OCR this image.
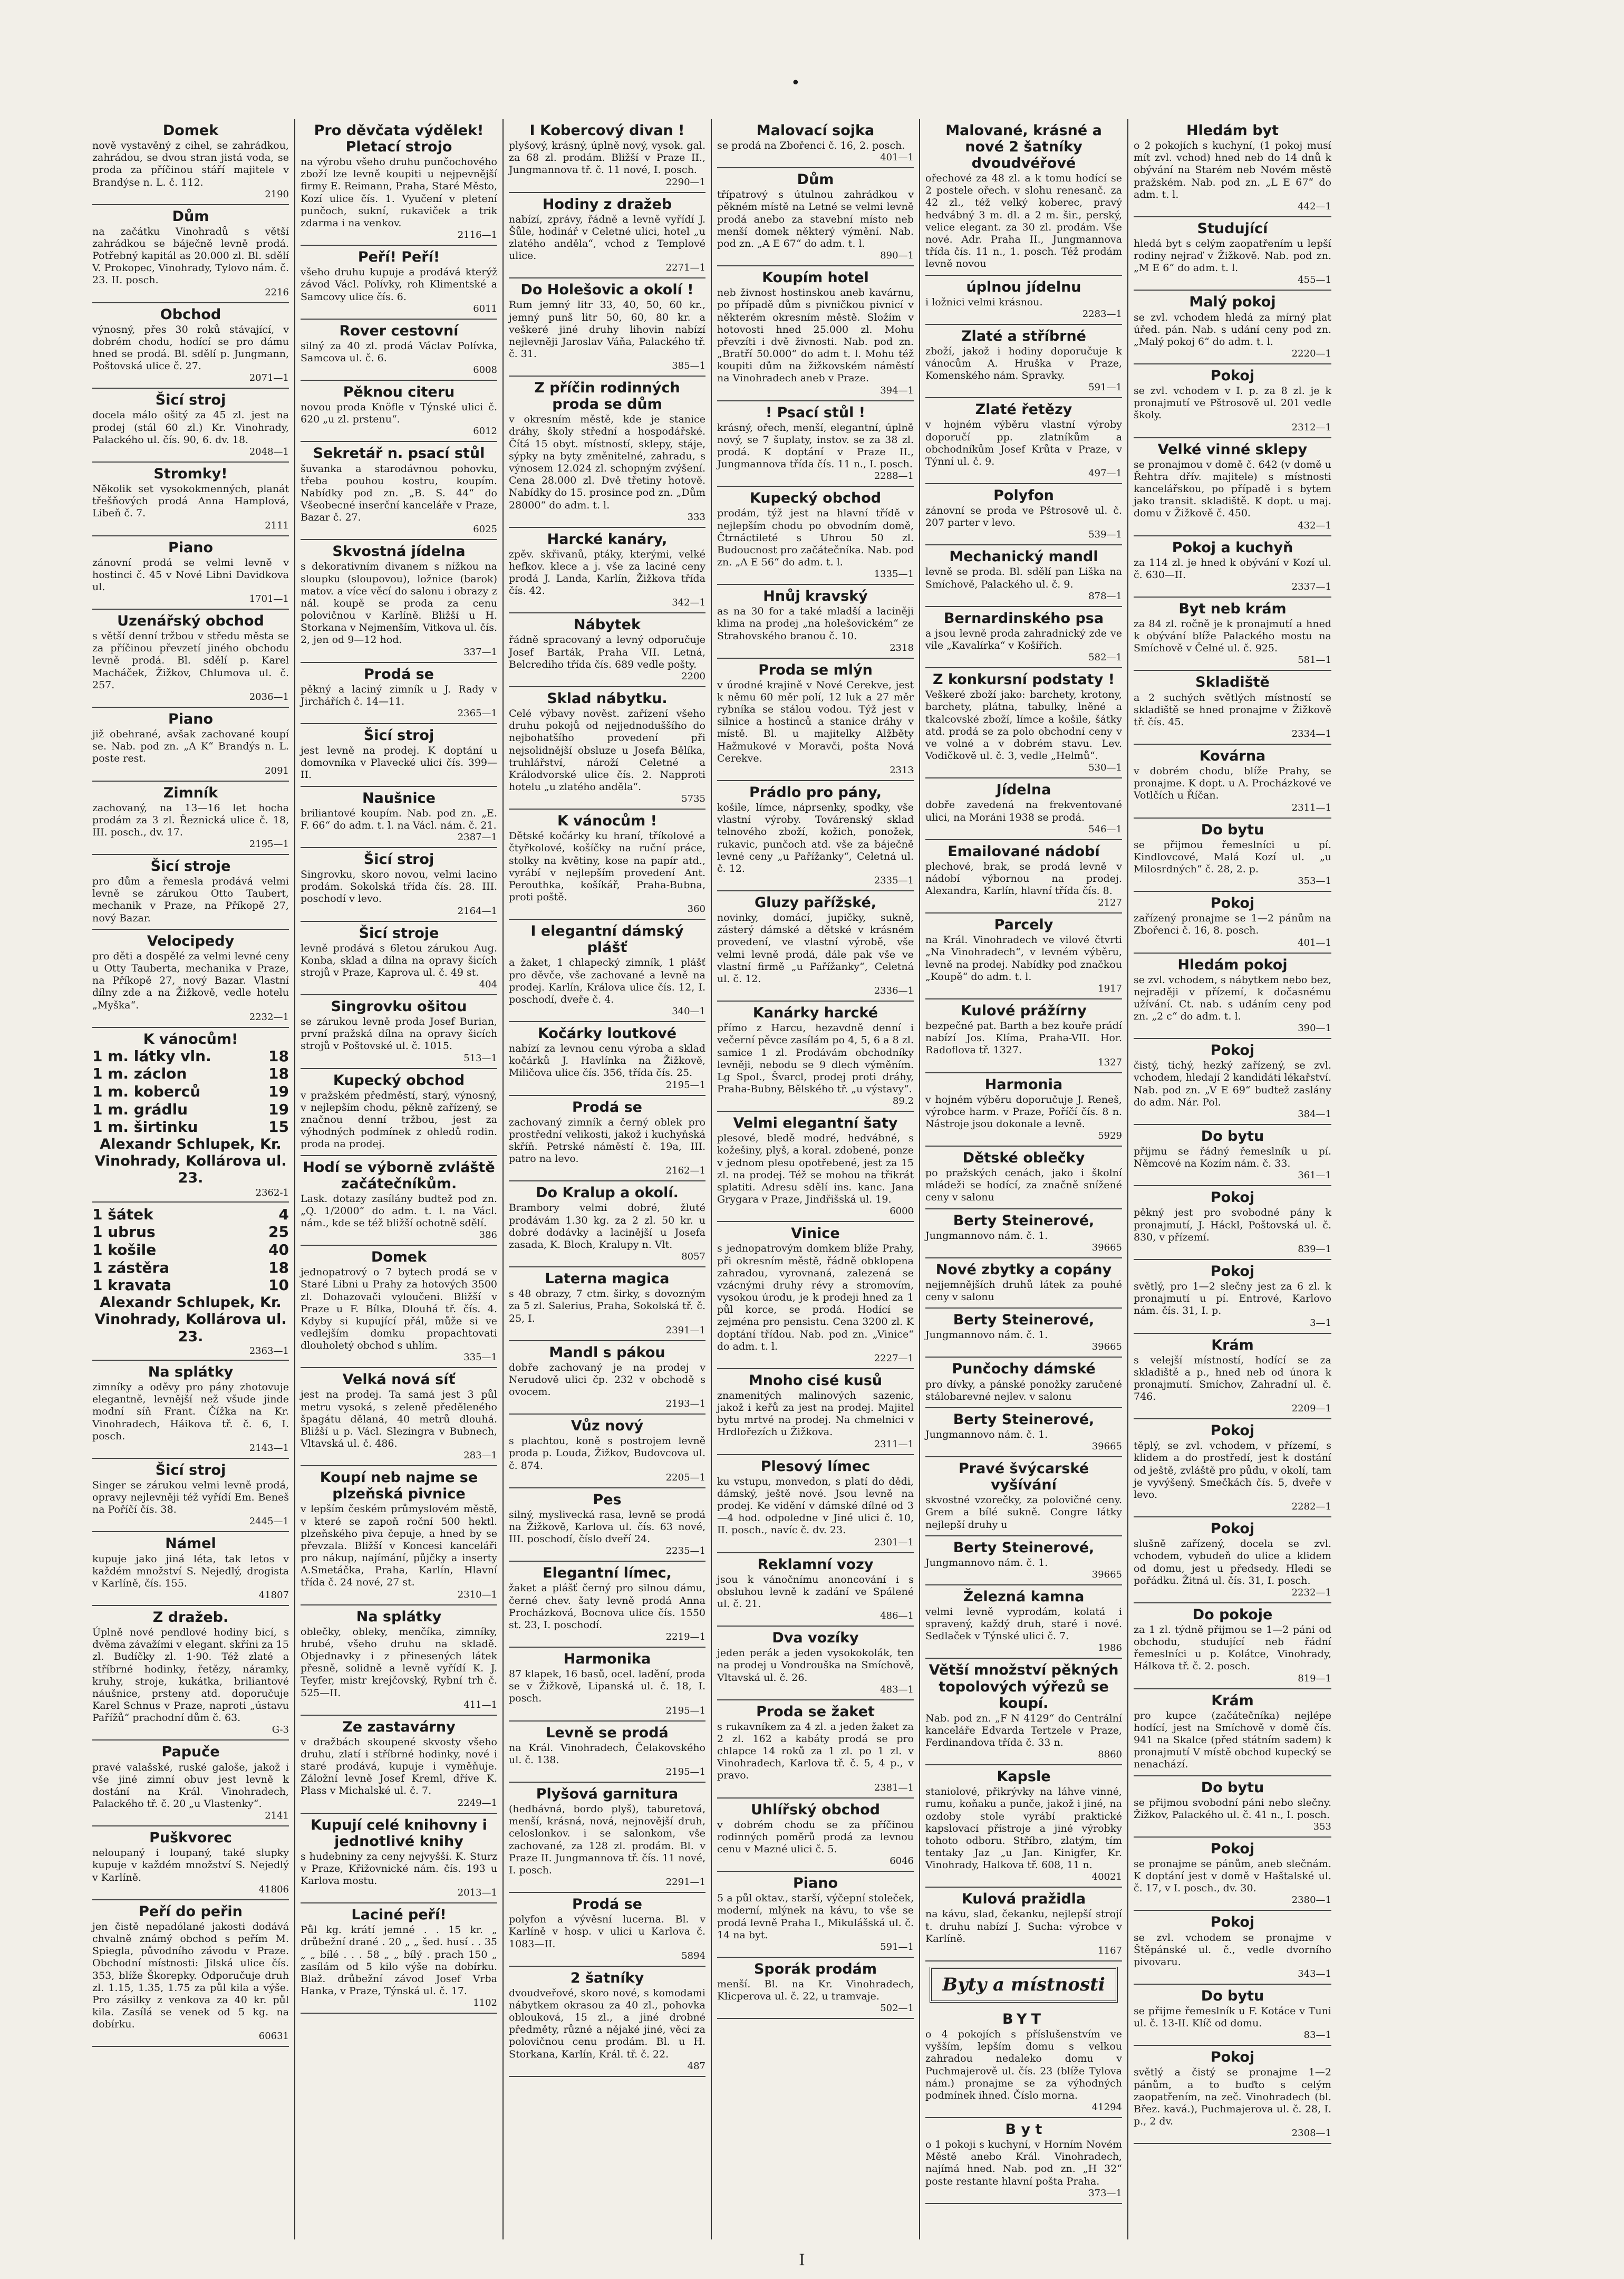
•
Domek

nově vystavěný z cihel, se zahrádkou, zahrádou, se dvou stran jistá voda, se proda za příčinou stáří majitele v Brandýse n. L. č. 112.

2190
Dům

na začátku Vinohradů s větší zahrádkou se báječně levně prodá. Potřebný kapitál as 20.000 zl. Bl. sdělí V. Prokopec, Vinohrady, Tylovo nám. č. 23. II. posch.

2216
Obchod

výnosný, přes 30 roků stávající, v dobrém chodu, hodící se pro dámu hned se prodá. Bl. sdělí p. Jungmann, Poštovská ulice č. 27.

2071—1
Šicí stroj

docela málo ošitý za 45 zl. jest na prodej (stál 60 zl.) Kr. Vinohrady, Palackého ul. čís. 90, 6. dv. 18.

2048—1
Stromky!

Několik set vysokokmenných, planát třešňových prodá Anna Hamplová, Libeň č. 7.

2111
Piano

zánovní prodá se velmi levně v hostinci č. 45 v Nové Libni Davidkova ul.

1701—1
Uzenářský obchod

s větší denní tržbou v středu města se za příčinou převzetí jiného obchodu levně prodá. Bl. sdělí p. Karel Macháček, Žižkov, Chlumova ul. č. 257.

2036—1
Piano

již obehrané, avšak zachované koupí se. Nab. pod zn. „A K“ Brandýs n. L. poste rest.

2091
Zimník

zachovaný, na 13—16 let hocha prodám za 3 zl. Řeznická ulice č. 18, III. posch., dv. 17.

2195—1
Šicí stroje

pro dům a řemesla prodává velmi levně se zárukou Otto Taubert, mechanik v Praze, na Příkopě 27, nový Bazar.

Velocipedy

pro děti a dospělé za velmi levné ceny u Otty Tauberta, mechanika v Praze, na Příkopě 27, nový Bazar. Vlastní dílny zde a na Žižkově, vedle hotelu „Myška“.

2232—1
K vánocům!
1 m. látky vln.	18
1 m. záclon	18
1 m. koberců	19
1 m. grádlu	19
1 m. širtinku	15
Alexandr Schlupek, Kr. Vinohrady, Kollárova ul. 23.
2362-1
1 šátek	4
1 ubrus	25
1 košile	40
1 zástěra	18
1 kravata	10
Alexandr Schlupek, Kr. Vinohrady, Kollárova ul. 23.
2363—1
Na splátky

zimníky a oděvy pro pány zhotovuje elegantně, levnější než všude jinde modní síň Frant. Čížka na Kr. Vinohradech, Háikova tř. č. 6, I. posch.

2143—1
Šicí stroj

Singer se zárukou velmi levně prodá, opravy nejlevněji též vyřídí Em. Beneš na Poříčí čís. 38.

2445—1
Námel

kupuje jako jiná léta, tak letos v každém množství S. Nejedlý, drogista v Karlíně, čís. 155.

41807
Z dražeb.

Úplně nové pendlové hodiny bicí, s dvěma závažími v elegant. skříni za 15 zl. Budíčky zl. 1·90. Též zlaté a stříbrné hodinky, řetězy, náramky, kruhy, stroje, kukátka, briliantové náušnice, prsteny atd. doporučuje Karel Schnus v Praze, naproti „ústavu Pařížů“ prachodní dům č. 63.

G-3
Papuče

pravé valašské, ruské galoše, jakož i vše jiné zimní obuv jest levně k dostání na Král. Vinohradech, Palackého tř. č. 20 „u Vlastenky“.

2141
Puškvorec

neloupaný i loupaný, také slupky kupuje v každém množství S. Nejedlý v Karlíně.

41806
Peří do peřin

jen čistě nepadólané jakosti dodává chvalně známý obchod s peřím M. Spiegla, původního závodu v Praze. Obchodní místnosti: Jilská ulice čís. 353, blíže Škorepky. Odporučuje druh zl. 1.15, 1.35, 1.75 za půl kila a výše. Pro zásilky z venkova za 40 kr. půl kila. Zasílá se venek od 5 kg. na dobírku.

60631
Pro děvčata výdělek! Pletací strojo

na výrobu všeho druhu punčochového zboží lze levně koupiti u nejpevnější firmy E. Reimann, Praha, Staré Město, Kozí ulice čís. 1. Vyučení v pletení punčoch, sukní, rukaviček a trik zdarma i na venkov.

2116—1
Peří! Peří!

všeho druhu kupuje a prodává kterýž závod Václ. Polívky, roh Klimentské a Samcovy ulice čís. 6.

6011
Rover cestovní

silný za 40 zl. prodá Václav Polívka, Samcova ul. č. 6.

6008
Pěknou citeru

novou proda Knöfle v Týnské ulici č. 620 „u zl. prstenu“.

6012
Sekretář n. psací stůl

šuvanka a starodávnou pohovku, třeba pouhou kostru, koupím. Nabídky pod zn. „B. S. 44“ do Všeobecné inserční kanceláře v Praze, Bazar č. 27.

6025
Skvostná jídelna

s dekorativním divanem s nížkou na sloupku (sloupovou), ložnice (barok) matov. a více věcí do salonu i obrazy z nál. koupě se proda za cenu polovičnou v Karlíně. Bližší u H. Storkana v Nejmenším, Vitkova ul. čís. 2, jen od 9—12 hod.

337—1
Prodá se

pěkný a laciný zimník u J. Rady v Jirchářích č. 14—11.

2365—1
Šicí stroj

jest levně na prodej. K doptání u domovníka v Plavecké ulici čís. 399—II.

Naušnice

briliantové koupím. Nab. pod zn. „E. F. 66“ do adm. t. l. na Václ. nám. č. 21.

2387—1
Šicí stroj

Singrovku, skoro novou, velmi lacino prodám. Sokolská třída čís. 28. III. poschodí v levo.

2164—1
Šicí stroje

levně prodává s 6letou zárukou Aug. Konba, sklad a dílna na opravy šicích strojů v Praze, Kaprova ul. č. 49 st.

404
Singrovku ošitou

se zárukou levně proda Josef Burian, první pražská dílna na opravy šicích strojů v Poštovské ul. č. 1015.

513—1
Kupecký obchod

v pražském předměstí, starý, výnosný, v nejlepším chodu, pěkně zařízený, se značnou denní tržbou, jest za výhodných podmínek z ohledů rodin. proda na prodej.

Hodí se výborně zvláště začátečníkům.

Lask. dotazy zasílány budtež pod zn. „Q. 1/2000“ do adm. t. l. na Václ. nám., kde se též bližší ochotně sdělí.

386
Domek

jednopatrový o 7 bytech prodá se v Staré Libni u Prahy za hotových 3500 zl. Dohazovači vyloučeni. Bližší v Praze u F. Bílka, Dlouhá tř. čís. 4. Kdyby si kupující přál, může si ve vedlejším domku propachtovati dlouholetý obchod s uhlím.

335—1
Velká nová síť

jest na prodej. Ta samá jest 3 půl metru vysoká, s zeleně předěleného špagátu dělaná, 40 metrů dlouhá. Bližší u p. Václ. Slezingra v Bubnech, Vltavská ul. č. 486.

283—1
Koupí neb najme se plzeňská pivnice

v lepším českém průmyslovém městě, v které se zapoň roční 500 hektl. plzeňského piva čepuje, a hned by se převzala. Bližší v Koncesi kanceláři pro nákup, najímání, půjčky a inserty A.Smetáčka, Praha, Karlín, Hlavní třída č. 24 nové, 27 st.

2310—1
Na splátky

oblečky, obleky, menčíka, zimníky, hrubé, všeho druhu na skladě. Objednavky i z přinesených látek přesně, solidně a levně vyřídí K. J. Teyfer, mistr krejčovský, Rybní trh č. 525—II.

411—1
Ze zastavárny

v dražbách skoupené skvosty všeho druhu, zlatí i stříbrné hodinky, nové i staré prodává, kupuje i vyměňuje. Záložní levně Josef Kreml, dříve K. Plass v Michalské ul. č. 7.

2249—1
Kupují celé knihovny i jednotlivé knihy

s hudebniny za ceny nejvyšší. K. Sturz v Praze, Křižovnické nám. čís. 193 u Karlova mostu.

2013—1
Laciné peří!

Půl kg. krátí jemné . . 15 kr. „ drůbežní drané . 20 „ „ šed. husí . . 35 „ „ bílé . . . 58 „ „ bílý . prach 150 „ zasílám od 5 kilo výše na dobírku. Blaž. drůbežní závod Josef Vrba Hanka, v Praze, Týnská ul. č. 17.

1102
I Kobercový divan !

plyšový, krásný, úplně nový, vysok. gal. za 68 zl. prodám. Bližší v Praze II., Jungmannova tř. č. 11 nové, I. posch.

2290—1
Hodiny z dražeb

nabízí, zprávy, řádně a levně vyřídí J. Šůle, hodinář v Celetné ulici, hotel „u zlatého anděla“, vchod z Templové ulice.

2271—1
Do Holešovic a okolí !

Rum jemný litr 33, 40, 50, 60 kr., jemný punš litr 50, 60, 80 kr. a veškeré jiné druhy lihovin nabízí nejlevněji Jaroslav Váňa, Palackého tř. č. 31.

385—1
Z příčin rodinných proda se dům

v okresním městě, kde je stanice dráhy, školy střední a hospodářské. Čítá 15 obyt. místností, sklepy, stáje, sýpky na byty změnitelné, zahradu, s výnosem 12.024 zl. schopným zvýšení. Cena 28.000 zl. Dvě třetiny hotově. Nabídky do 15. prosince pod zn. „Dům 28000“ do adm. t. l.

333
Harcké kanáry,

zpěv. skřivanů, ptáky, kterými, velké hefkov. klece a j. vše za laciné ceny prodá J. Landa, Karlín, Žižkova třída čís. 42.

342—1
Nábytek

řádně spracovaný a levný odporučuje Josef Barták, Praha VII. Letná, Belcrediho třída čís. 689 vedle pošty.

2200
Sklad nábytku.

Celé výbavy nověst. zařízení všeho druhu pokojů od nejjednoduššího do nejbohatšího provedení při nejsolidnější obsluze u Josefa Bělíka, truhlářství, nároží Celetné a Králodvorské ulice čís. 2. Napproti hotelu „u zlatého anděla“.

5735
K vánocům !

Dětské kočárky ku hraní, tříkolové a čtyřkolové, košíčky na ruční práce, stolky na květiny, kose na papír atd., vyrábí v nejlepším provedení Ant. Perouthka, košíkář, Praha-Bubna, proti poště.

360
I elegantní dámský plášť

a žaket, 1 chlapecký zimník, 1 plášť pro děvče, vše zachované a levně na prodej. Karlín, Králova ulice čís. 12, I. poschodí, dveře č. 4.

340—1
Kočárky loutkové

nabízí za levnou cenu výroba a sklad kočárků J. Havlínka na Žižkově, Miličova ulice čís. 356, třída čís. 25.

2195—1
Prodá se

zachovaný zimník a černý oblek pro prostřední velikosti, jakož i kuchyňská skříň. Petrské náměstí č. 19a, III. patro na levo.

2162—1
Do Kralup a okolí.

Brambory velmi dobré, žluté prodávám 1.30 kg. za 2 zl. 50 kr. u dobré dodávky a lacinější u Josefa zasada, K. Bloch, Kralupy n. Vlt.

8057
Laterna magica

s 48 obrazy, 7 ctm. širky, s dovozným za 5 zl. Salerius, Praha, Sokolská tř. č. 25, I.

2391—1
Mandl s pákou

dobře zachovaný je na prodej v Nerudově ulici čp. 232 v obchodě s ovocem.

2193—1
Vůz nový

s plachtou, koně s postrojem levně proda p. Louda, Žižkov, Budovcova ul. č. 874.

2205—1
Pes

silný, myslivecká rasa, levně se prodá na Žižkově, Karlova ul. čís. 63 nové, III. poschodí, číslo dveří 24.

2235—1
Elegantní límec,

žaket a plášť černý pro silnou dámu, černé chev. šaty levně prodá Anna Procházková, Bocnova ulice čís. 1550 st. 23, I. poschodí.

2219—1
Harmonika

87 klapek, 16 basů, ocel. ladění, proda se v Žižkově, Lipanská ul. č. 18, I. posch.

2195—1
Levně se prodá

na Král. Vinohradech, Čelakovského ul. č. 138.

2195—1
Plyšová garnitura

(hedbávná, bordo plyš), taburetová, menší, krásná, nová, nejnovější druh, celoslonkov. i se salonkom, vše zachované, za 128 zl. prodám. Bl. v Praze II. Jungmannova tř. čís. 11 nové, I. posch.

2291—1
Prodá se

polyfon a vývěsní lucerna. Bl. v Karlíně v hosp. v ulici u Karlova č. 1083—II.

5894
2 šatníky

dvoudveřové, skoro nové, s komodami nábytkem okrasou za 40 zl., pohovka oblouková, 15 zl., a jiné drobné předměty, různé a nějaké jiné, věci za polovičnou cenu prodám. Bl. u H. Storkana, Karlín, Král. tř. č. 22.

487
Malovací sojka

se prodá na Zbořenci č. 16, 2. posch.

401—1
Dům

třípatrový s útulnou zahrádkou v pěkném místě na Letné se velmi levně prodá anebo za stavební místo neb menší domek některý výmění. Nab. pod zn. „A E 67“ do adm. t. l.

890—1
Koupím hotel

neb živnost hostinskou aneb kavárnu, po případě dům s pivničkou pivnicí v některém okresním městě. Složím v hotovosti hned 25.000 zl. Mohu převzíti i dvě živnosti. Nab. pod zn. „Bratří 50.000“ do adm t. l. Mohu též koupiti dům na žižkovském náměstí na Vinohradech aneb v Praze.

394—1
! Psací stůl !

krásný, ořech, menší, elegantní, úplně nový, se 7 šuplaty, instov. se za 38 zl. prodá. K doptání v Praze II., Jungmannova třída čís. 11 n., I. posch.

2288—1
Kupecký obchod

prodám, týž jest na hlavní třídě v nejlepším chodu po obvodním domě, Čtrnáctileté s Uhrou 50 zl. Budoucnost pro začátečníka. Nab. pod zn. „A E 56“ do adm. t. l.

1335—1
Hnůj kravský

as na 30 for a také mladší a laciněji klima na prodej „na holešovickém“ ze Strahovského branou č. 10.

2318
Proda se mlýn

v úrodné krajině v Nové Cerekve, jest k němu 60 měr polí, 12 luk a 27 měr rybníka se stálou vodou. Týž jest v silnice a hostinců a stanice dráhy v místě. Bl. u majitelky Alžběty Hažmukové v Moravči, pošta Nová Cerekve.

2313
Prádlo pro pány,

košile, límce, náprsenky, spodky, vše vlastní výroby. Továrenský sklad telnového zboží, kožich, ponožek, rukavic, punčoch atd. vše za báječně levné ceny „u Pařížanky“, Celetná ul. č. 12.

2335—1
Gluzy pařížské,

novinky, domácí, jupičky, sukně, zásterý dámské a dětské v krásném provedení, ve vlastní výrobě, vše velmi levně prodá, dále pak vše ve vlastní firmě „u Pařížanky“, Celetná ul. č. 12.

2336—1
Kanárky harcké

přímo z Harcu, hezavdně denní i večerní pěvce zasílám po 4, 5, 6 a 8 zl. samice 1 zl. Prodávám obchodníky levněji, nebodu se 9 dlech výměním. Lg Spol., Švarcl, prodej proti dráhy, Praha-Bubny, Bělského tř. „u výstavy“.

89.2
Velmi elegantní šaty

plesové, bledě modré, hedvábné, s kožešiny, plyš, a koral. zdobené, ponze v jednom plesu opotřebené, jest za 15 zl. na prodej. Též se mohou na třikrát splatiti. Adresu sdělí ins. kanc. Jana Grygara v Praze, Jindřišská ul. 19.

6000
Vinice

s jednopatrovým domkem blíže Prahy, při okresním městě, řádně obklopena zahradou, vyrovnaná, zalezená se vzácnými druhy révy a stromovím, vysokou úrodu, je k prodeji hned za 1 půl korce, se prodá. Hodící se zejména pro pensistu. Cena 3200 zl. K doptání třídou. Nab. pod zn. „Vinice“ do adm. t. l.

2227—1
Mnoho cisé kusů

znamenitých malinových sazenic, jakož i keřů za jest na prodej. Majitel bytu mrtvé na prodej. Na chmelnici v Hrdlořezích u Žižkova.

2311—1
Plesový límec

ku vstupu, monvedon, s platí do dědi, dámský, ještě nové. Jsou levně na prodej. Ke vidění v dámské dílné od 3—4 hod. odpoledne v Jiné ulici č. 10, II. posch., navíc č. dv. 23.

2301—1
Reklamní vozy

jsou k vánočnímu anoncování i s obsluhou levně k zadání ve Spálené ul. č. 21.

486—1
Dva vozíky

jeden perák a jeden vysokokolák, ten na prodej u Vondrouška na Smíchově, Vltavská ul. č. 26.

483—1
Proda se žaket

s rukavníkem za 4 zl. a jeden žaket za 2 zl. 162 a kabáty prodá se pro chlapce 14 roků za 1 zl. po 1 zl. v Vinohradech, Karlova tř. č. 5, 4 p., v pravo.

2381—1
Uhlířský obchod

v dobrém chodu se za příčinou rodinných poměrů prodá za levnou cenu v Mazné ulici č. 5.

6046
Piano

5 a půl oktav., starší, výčepní stoleček, moderní, mlýnek na kávu, to vše se prodá levně Praha I., Mikulášská ul. č. 14 na byt.

591—1
Sporák prodám

menší. Bl. na Kr. Vinohradech, Klicperova ul. č. 22, u tramvaje.

502—1
Malované, krásné a nové 2 šatníky dvoudvéřové

ořechové za 48 zl. a k tomu hodící se 2 postele ořech. v slohu renesanč. za 42 zl., též velký koberec, pravý hedvábný 3 m. dl. a 2 m. šir., perský, velice elegant. za 30 zl. prodám. Vše nové. Adr. Praha II., Jungmannova třída čís. 11 n., 1. posch. Též prodám levně novou

úplnou jídelnu

i ložnici velmi krásnou.

2283—1
Zlaté a stříbrné

zboží, jakož i hodiny doporučuje k vánocům A. Hruška v Praze, Komenského nám. Spravky.

591—1
Zlaté řetězy

v hojném výběru vlastní výroby doporučí pp. zlatníkům a obchodníkům Josef Krůta v Praze, v Týnní ul. č. 9.

497—1
Polyfon

zánovní se proda ve Pštrosově ul. č. 207 parter v levo.

539—1
Mechanický mandl

levně se proda. Bl. sdělí pan Liška na Smíchově, Palackého ul. č. 9.

878—1
Bernardinského psa

a jsou levně proda zahradnický zde ve vile „Kavalírka“ v Košířích.

582—1
Z konkursní podstaty !

Veškeré zboží jako: barchety, krotony, barchety, plátna, tabulky, lněné a tkalcovské zboží, límce a košile, šátky atd. prodá se za polo obchodní ceny v ve volné a v dobrém stavu. Lev. Vodičkově ul. č. 3, vedle „Helmů“.

530—1
Jídelna

dobře zavedená na frekventované ulici, na Moráni 1938 se prodá.

546—1
Emailované nádobí

plechové, brak, se prodá levně v nádobí výbornou na prodej. Alexandra, Karlín, hlavní třída čís. 8.

2127
Parcely

na Král. Vinohradech ve vilové čtvrti „Na Vinohradech“, v levném výběru, levně na prodej. Nabídky pod značkou „Koupě“ do adm. t. l.

1917
Kulové prážírny

bezpečné pat. Barth a bez kouře prádí nabízí Jos. Klíma, Praha-VII. Hor. Radoflova tř. 1327.

1327
Harmonia

v hojném výběru doporučuje J. Reneš, výrobce harm. v Praze, Poříčí čís. 8 n. Nástroje jsou dokonale a levně.

5929
Dětské oblečky

po pražských cenách, jako i školní mládeži se hodící, za značně snížené ceny v salonu

Berty Steinerové,

Jungmannovo nám. č. 1.

39665
Nové zbytky a copány

nejjemnějších druhů látek za pouhé ceny v salonu

Berty Steinerové,

Jungmannovo nám. č. 1.

39665
Punčochy dámské

pro dívky, a pánské ponožky zaručené stálobarevné nejlev. v salonu

Berty Steinerové,

Jungmannovo nám. č. 1.

39665
Pravé švýcarské vyšívání

skvostné vzorečky, za polovičné ceny. Grem a bílé sukně. Congre látky nejlepší druhy u

Berty Steinerové,

Jungmannovo nám. č. 1.

39665
Železná kamna

velmi levně vyprodám, kolatá i spravený, každý druh, staré i nové. Sedlaček v Týnské ulici č. 7.

1986
Větší množství pěkných topolových výřezů se koupí.

Nab. pod zn. „F N 4129“ do Centrální kanceláře Edvarda Tertzele v Praze, Ferdinandova třída č. 33 n.

8860
Kapsle

staniolové, přikrývky na láhve vinné, rumu, koňaku a punče, jakož i jiné, na ozdoby stole vyrábí praktické kapslovací přístroje a jiné výrobky tohoto odboru. Stříbro, zlatým, tím tentaky Jaz „u Jan. Kinigfer, Kr. Vinohrady, Halkova tř. 608, 11 n.

40021
Kulová pražidla

na kávu, slad, čekanku, nejlepší strojí t. druhu nabízí J. Sucha: výrobce v Karlíně.

1167
Byty a místnosti
BYT

o 4 pokojích s příslušenstvím ve vyšším, lepším domu s velkou zahradou nedaleko domu v Puchmajerově ul. čís. 23 (blíže Tylova nám.) pronajme se za výhodných podmínek ihned. Číslo morna.

41294
B y t

o 1 pokoji s kuchyní, v Horním Novém Městě anebo Král. Vinohradech, najímá hned. Nab. pod zn. „H 32“ poste restante hlavní pošta Praha.

373—1
Hledám byt

o 2 pokojích s kuchyní, (1 pokoj musí mít zvl. vchod) hned neb do 14 dnů k obývání na Starém neb Novém městě pražském. Nab. pod zn. „L E 67“ do adm. t. l.

442—1
Studující

hledá byt s celým zaopatřením u lepší rodiny nejraď v Žižkově. Nab. pod zn. „M E 6“ do adm. t. l.

455—1
Malý pokoj

se zvl. vchodem hledá za mírný plat úřed. pán. Nab. s udání ceny pod zn. „Malý pokoj 6“ do adm. t. l.

2220—1
Pokoj

se zvl. vchodem v I. p. za 8 zl. je k pronajmutí ve Pštrosově ul. 201 vedle školy.

2312—1
Velké vinné sklepy

se pronajmou v domě č. 642 (v domě u Řehtra dřív. majitele) s místnosti kancelářskou, po případě i s bytem jako transit. skladiště. K dopt. u maj. domu v Žižkově č. 450.

432—1
Pokoj a kuchyň

za 114 zl. je hned k obývání v Kozí ul. č. 630—II.

2337—1
Byt neb krám

za 84 zl. ročně je k pronajmutí a hned k obývání blíže Palackého mostu na Smíchově v Čelné ul. č. 925.

581—1
Skladiště

a 2 suchých světlých místností se skladiště se hned pronajme v Žižkově tř. čís. 45.

2334—1
Kovárna

v dobrém chodu, blíže Prahy, se pronajme. K dopt. u A. Procházkové ve Votlčích u Říčan.

2311—1
Do bytu

se přijmou řemeslníci u pí. Kindlovcové, Malá Kozí ul. „u Milosrdných“ č. 28, 2. p.

353—1
Pokoj

zařízený pronajme se 1—2 pánům na Zbořenci č. 16, 8. posch.

401—1
Hledám pokoj

se zvl. vchodem, s nábytkem nebo bez, nejraději v přízemí, k dočasnému užívání. Ct. nab. s udáním ceny pod zn. „2 c“ do adm. t. l.

390—1
Pokoj

čistý, tichý, hezký zařízený, se zvl. vchodem, hledají 2 kandidáti lékařství. Nab. pod zn. „V E 69“ budtež zaslány do adm. Nár. Pol.

384—1
Do bytu

přijmu se řádný řemeslník u pí. Němcové na Kozím nám. č. 33.

361—1
Pokoj

pěkný jest pro svobodné pány k pronajmutí, J. Háckl, Poštovská ul. č. 830, v přízemí.

839—1
Pokoj

světlý, pro 1—2 slečny jest za 6 zl. k pronajmutí u pí. Entrové, Karlovo nám. čís. 31, I. p.

3—1
Krám

s velejší místností, hodící se za skladiště a p., hned neb od února k pronajmutí. Smíchov, Zahradní ul. č. 746.

2209—1
Pokoj

těplý, se zvl. vchodem, v přízemí, s klidem a do prostředí, jest k dostání od ještě, zvláště pro půdu, v okolí, tam je vyvýšený. Smečkách čís. 5, dveře v levo.

2282—1
Pokoj

slušně zařízený, docela se zvl. vchodem, vybudeň do ulice a klidem od domu, jest u předsedy. Hledi se pořádku. Žitná ul. čís. 31, I. posch.

2232—1
Do pokoje

za 1 zl. týdně přijmou se 1—2 páni od obchodu, studující neb řádní řemeslníci u p. Kolátce, Vinohrady, Hálkova tř. č. 2. posch.

819—1
Krám

pro kupce (začátečníka) nejlépe hodící, jest na Smíchově v domě čís. 941 na Skalce (před státním sadem) k pronajmutí V místě obchod kupecký se nenachází.

Do bytu

se přijmou svobodní páni nebo slečny. Žižkov, Palackého ul. č. 41 n., I. posch.

353
Pokoj

se pronajme se pánům, aneb slečnám. K doptání jest v domě v Haštalské ul. č. 17, v I. posch., dv. 30.

2380—1
Pokoj

se zvl. vchodem se pronajme v Štěpánské ul. č., vedle dvorního pivovaru.

343—1
Do bytu

se přijme řemeslník u F. Kotáce v Tuni ul. č. 13-II. Klíč od domu.

83—1
Pokoj

světlý a čistý se pronajme 1—2 pánům, a to buďto s celým zaopatřením, na zeč. Vinohradech (bl. Břez. kavá.), Puchmajerova ul. č. 28, I. p., 2 dv.

2308—1
I
